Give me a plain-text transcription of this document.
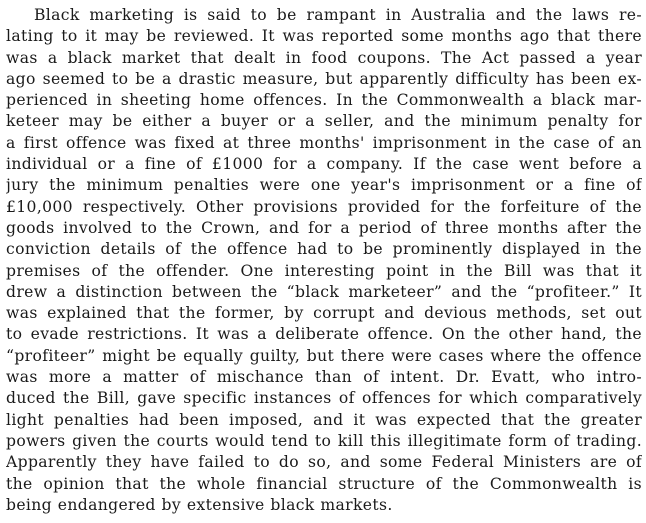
Black marketing is said to be rampant in Australia and the laws re-
lating to it may be reviewed. It was reported some months ago that there
was a black market that dealt in food coupons. The Act passed a year
ago seemed to be a drastic measure, but apparently difficulty has been ex-
perienced in sheeting home offences. In the Commonwealth a black mar-
keteer may be either a buyer or a seller, and the minimum penalty for
a first offence was fixed at three months' imprisonment in the case of an
individual or a fine of £1000 for a company. If the case went before a
jury the minimum penalties were one year's imprisonment or a fine of
£10,000 respectively. Other provisions provided for the forfeiture of the
goods involved to the Crown, and for a period of three months after the
conviction details of the offence had to be prominently displayed in the
premises of the offender. One interesting point in the Bill was that it
drew a distinction between the “black marketeer” and the “profiteer.” It
was explained that the former, by corrupt and devious methods, set out
to evade restrictions. It was a deliberate offence. On the other hand, the
“profiteer” might be equally guilty, but there were cases where the offence
was more a matter of mischance than of intent. Dr. Evatt, who intro-
duced the Bill, gave specific instances of offences for which comparatively
light penalties had been imposed, and it was expected that the greater
powers given the courts would tend to kill this illegitimate form of trading.
Apparently they have failed to do so, and some Federal Ministers are of
the opinion that the whole financial structure of the Commonwealth is
being endangered by extensive black markets.
